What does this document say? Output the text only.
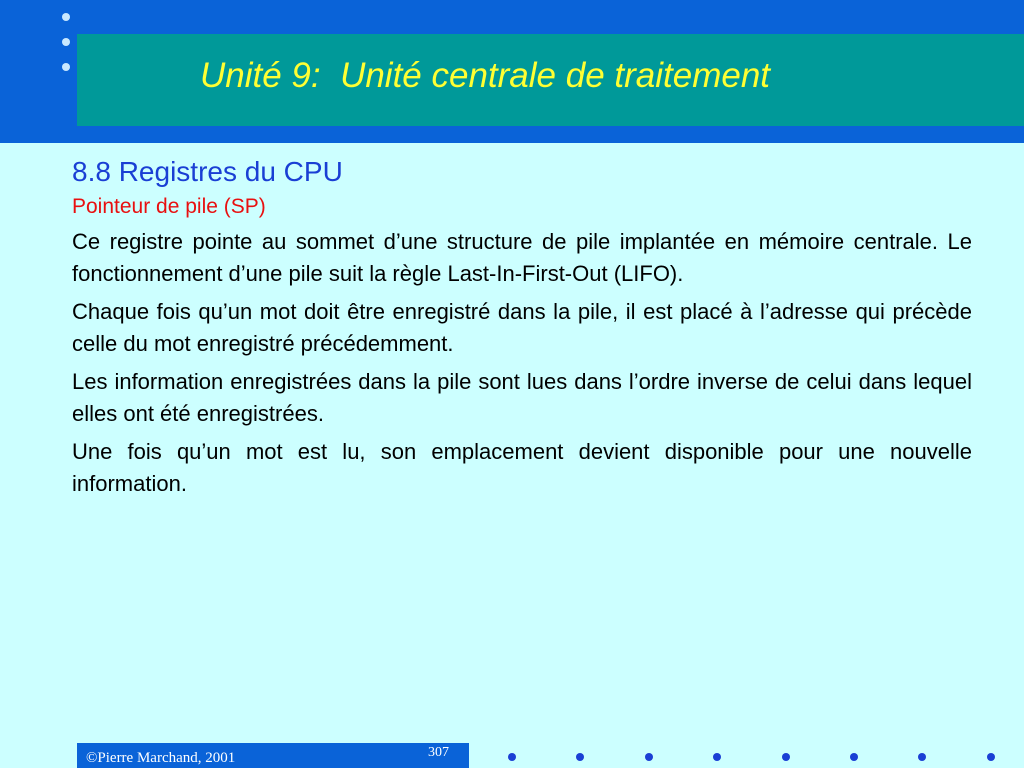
Unité 9:  Unité centrale de traitement
8.8 Registres du CPU
Pointeur de pile (SP)

Ce registre pointe au sommet d’une structure de pile implantée en mémoire centrale. Le fonctionnement d’une pile suit la règle Last-In-First-Out (LIFO).

Chaque fois qu’un mot doit être enregistré dans la pile, il est placé à l’adresse qui précède celle du mot enregistré précédemment.

Les information enregistrées dans la pile sont lues dans l’ordre inverse de celui dans lequel elles ont été enregistrées.

Une fois qu’un mot est lu, son emplacement devient disponible pour une nouvelle information.

©Pierre Marchand, 2001	307
